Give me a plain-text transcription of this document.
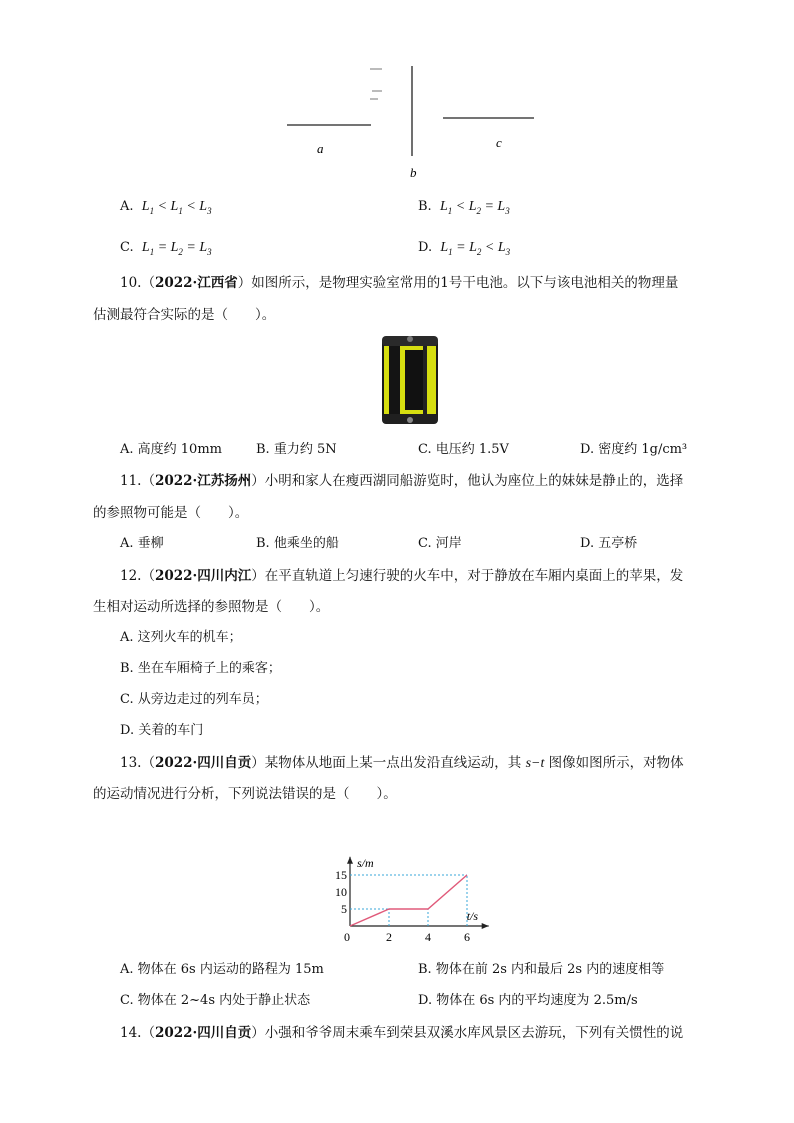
a
b
c
A. $L_1 < L_1 < L_3$	B. $L_1 < L_2 = L_3$
C. $L_1 = L_2 = L_3$	D. $L_1 = L_2 < L_3$
10.（2022·江西省）如图所示，是物理实验室常用的1号干电池。以下与该电池相关的物理量
估测最符合实际的是（　　）。
A. 高度约 10mm	B. 重力约 5N	C. 电压约 1.5V	D. 密度约 1g/cm³
11.（2022·江苏扬州）小明和家人在瘦西湖同船游览时，他认为座位上的妹妹是静止的，选择
的参照物可能是（　　）。
A. 垂柳	B. 他乘坐的船	C. 河岸	D. 五亭桥
12.（2022·四川内江）在平直轨道上匀速行驶的火车中，对于静放在车厢内桌面上的苹果，发
生相对运动所选择的参照物是（　　）。
A. 这列火车的机车；
B. 坐在车厢椅子上的乘客；
C. 从旁边走过的列车员；
D. 关着的车门
13.（2022·四川自贡）某物体从地面上某一点出发沿直线运动，其 s−t 图像如图所示，对物体
的运动情况进行分析，下列说法错误的是（　　）。
0	2	4	6
5
10
15
s/m
t/s
A. 物体在 6s 内运动的路程为 15m	B. 物体在前 2s 内和最后 2s 内的速度相等
C. 物体在 2~4s 内处于静止状态	D. 物体在 6s 内的平均速度为 2.5m/s
14.（2022·四川自贡）小强和爷爷周末乘车到荣县双溪水库风景区去游玩，下列有关惯性的说
